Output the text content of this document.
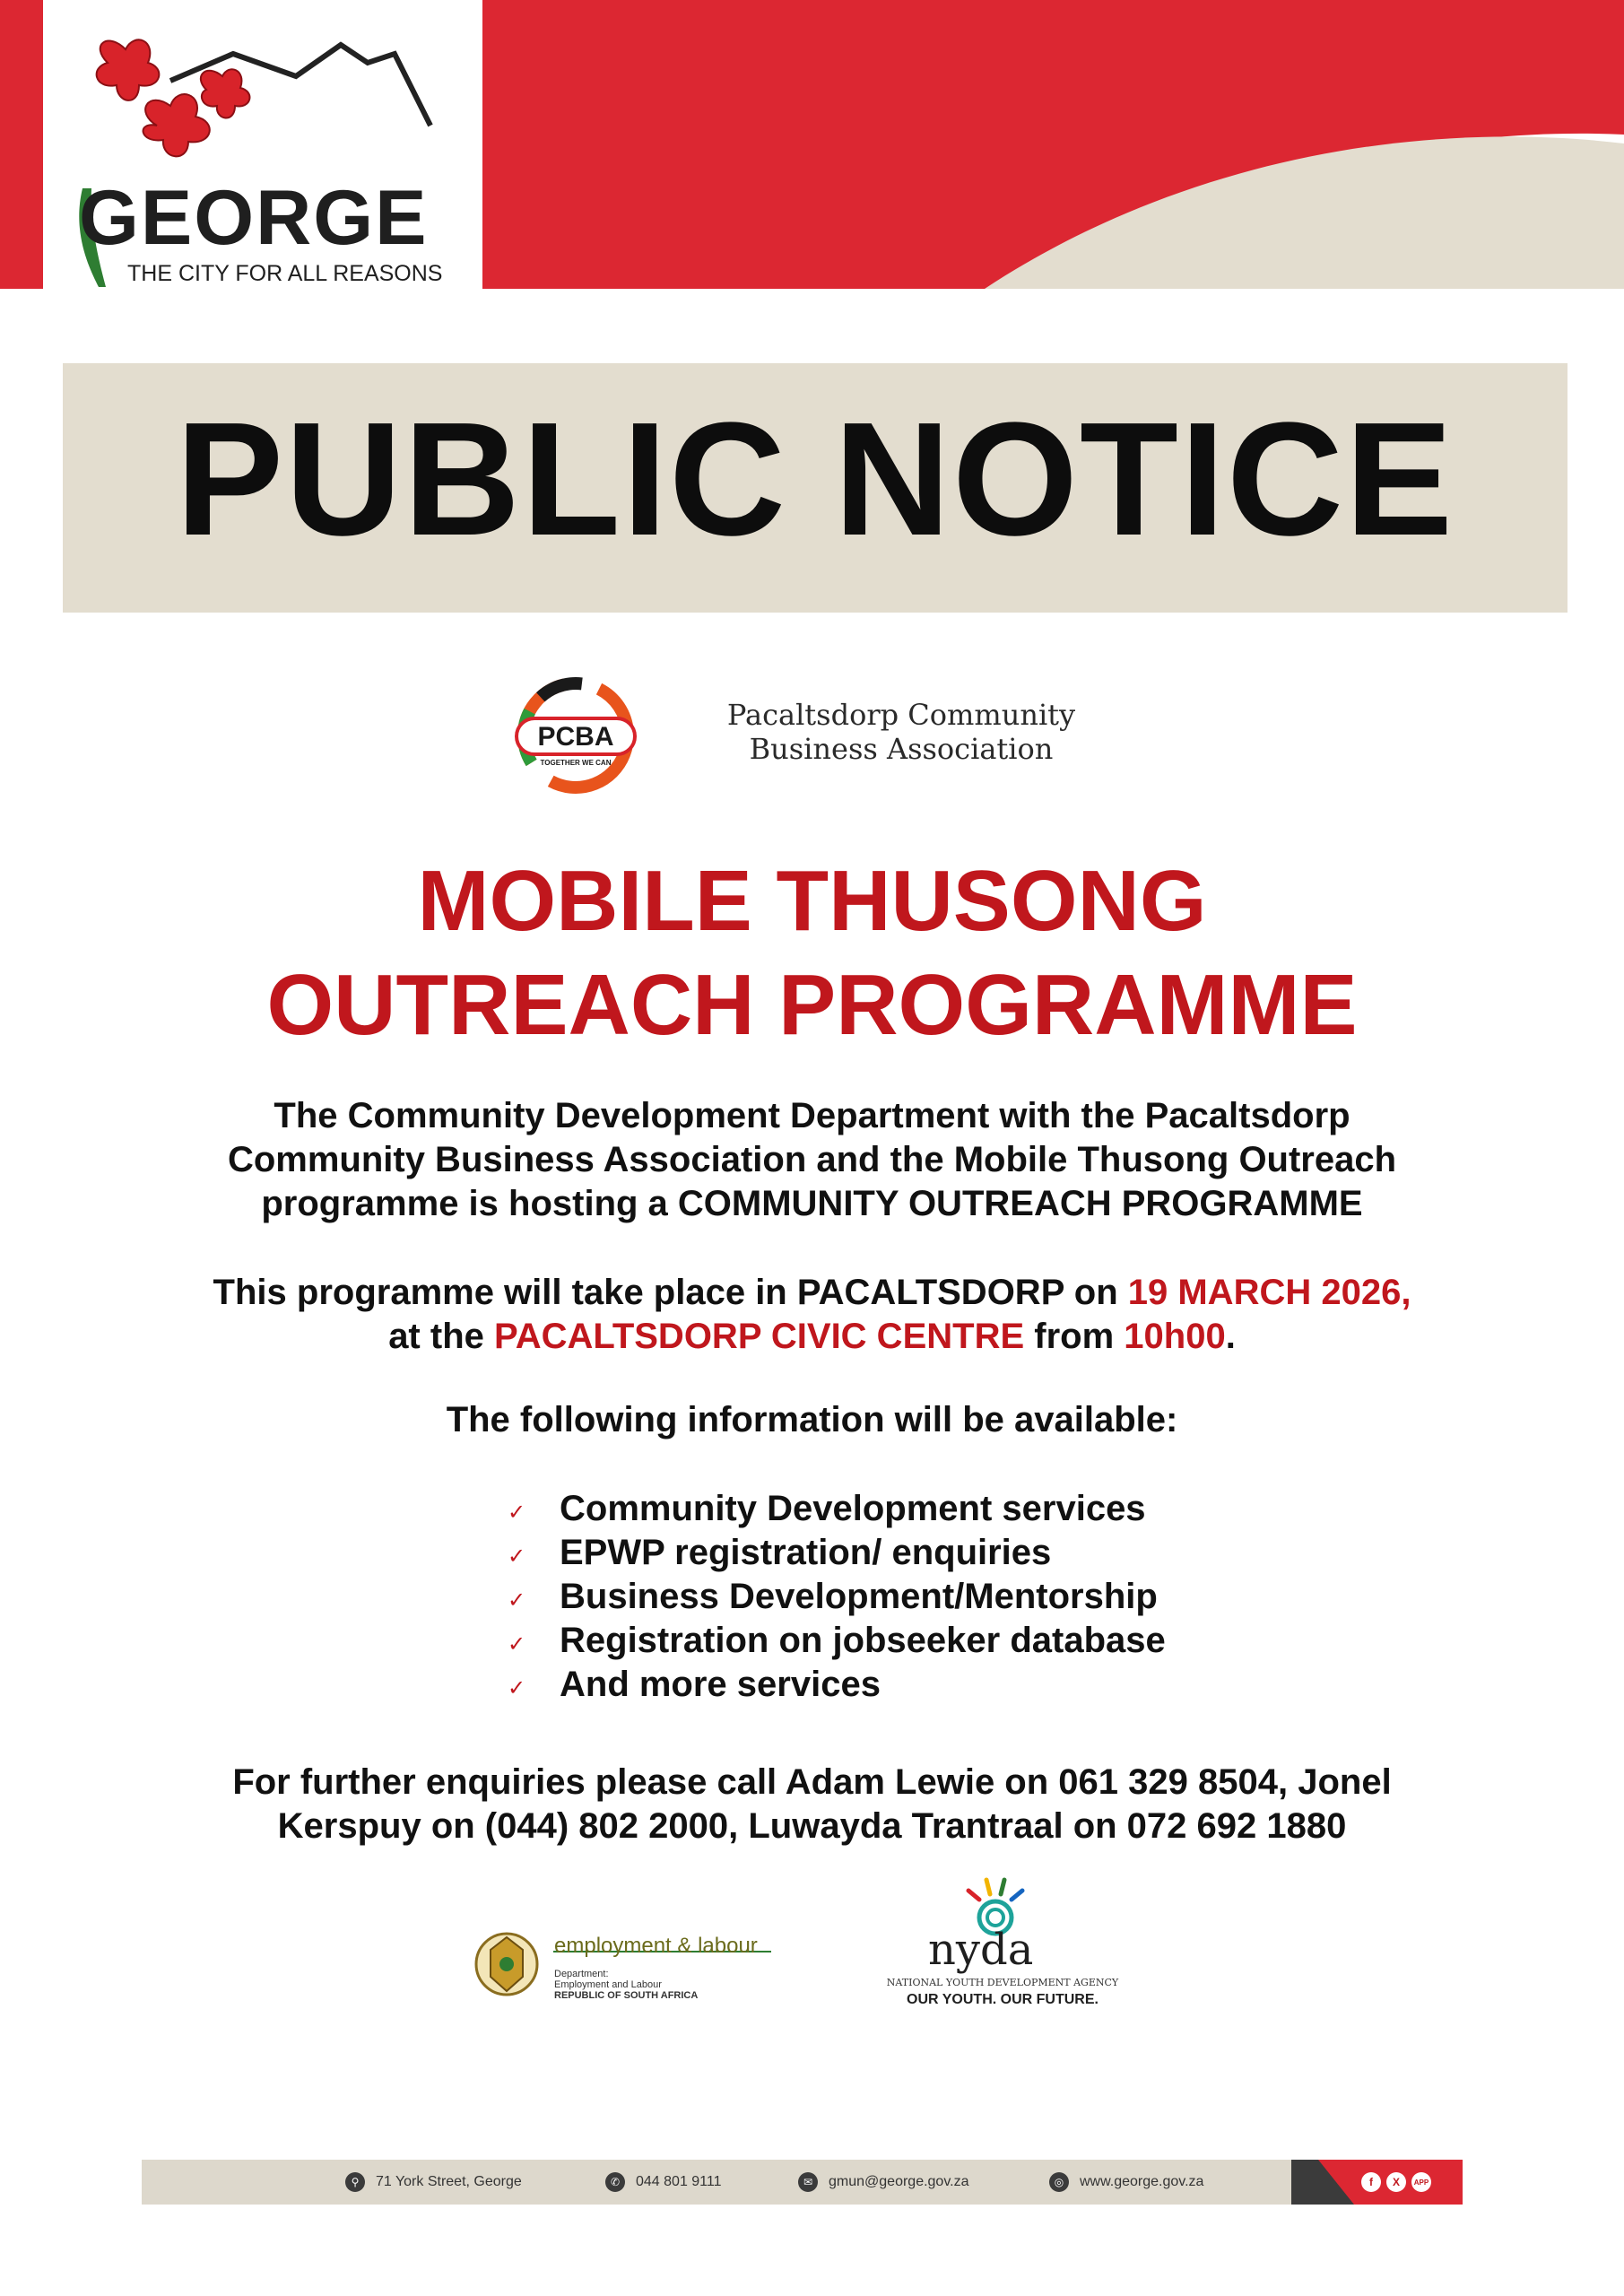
GEORGE
THE CITY FOR ALL REASONS
PUBLIC NOTICE
PCBA
TOGETHER WE CAN
Pacaltsdorp Community
Business Association
MOBILE THUSONG
OUTREACH PROGRAMME
The Community Development Department with the Pacaltsdorp
Community Business Association and the Mobile Thusong Outreach
programme is hosting a COMMUNITY OUTREACH PROGRAMME
This programme will take place in PACALTSDORP on 19 MARCH 2026,
at the PACALTSDORP CIVIC CENTRE from 10h00.
The following information will be available:
✓ Community Development services
✓ EPWP registration/ enquiries
✓ Business Development/Mentorship
✓ Registration on jobseeker database
✓ And more services
For further enquiries please call Adam Lewie on 061 329 8504, Jonel
Kerspuy on (044) 802 2000, Luwayda Trantraal on 072 692 1880
employment & labour
Department:
Employment and Labour
REPUBLIC OF SOUTH AFRICA
nyda
NATIONAL YOUTH DEVELOPMENT AGENCY
OUR YOUTH. OUR FUTURE.
⚲	71 York Street, George	✆	044 801 9111	✉	gmun@george.gov.za	◎	www.george.gov.za	f	X	APP
